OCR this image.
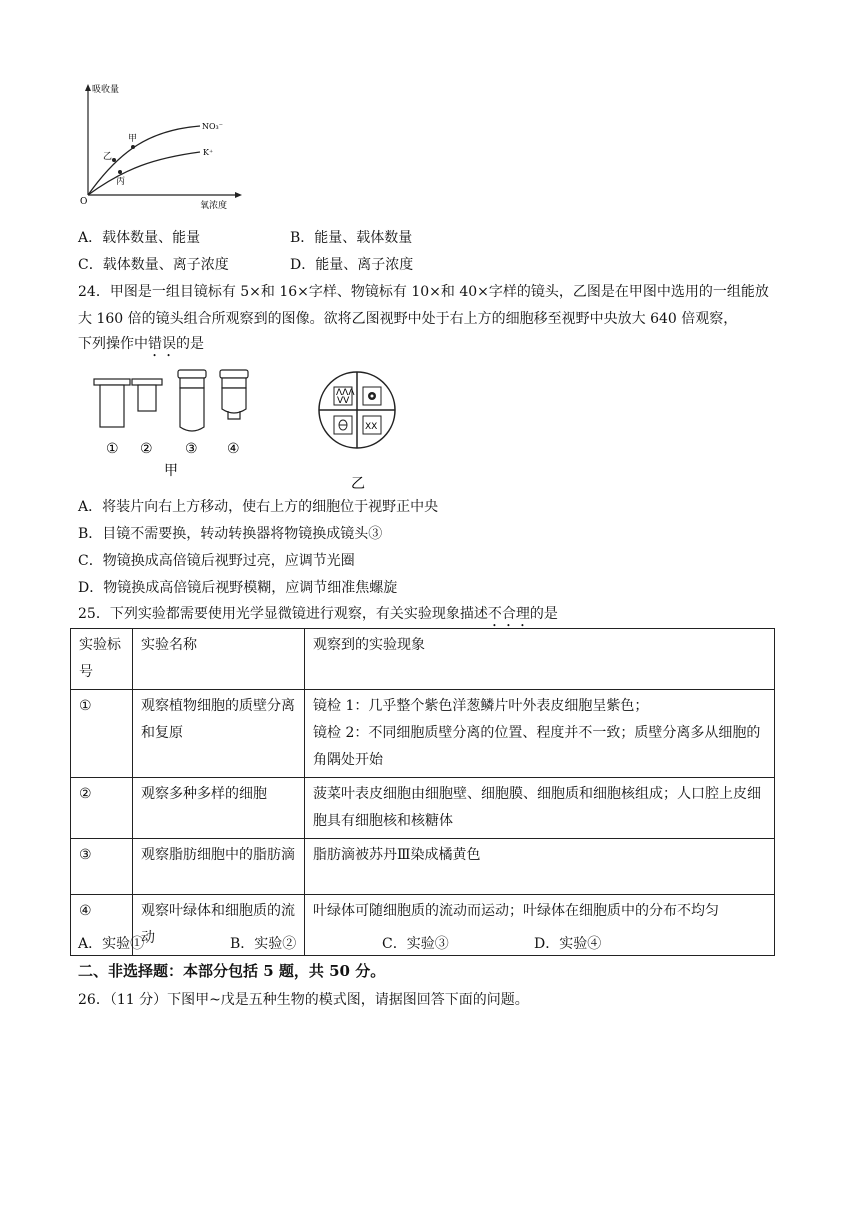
吸收量
氧浓度
O
NO₃⁻
K⁺
甲
乙
丙
A．载体数量、能量	B．能量、载体数量
C．载体数量、离子浓度	D．能量、离子浓度
24．甲图是一组目镜标有 5×和 16×字样、物镜标有 10×和 40×字样的镜头，乙图是在甲图中选用的一组能放
大 160 倍的镜头组合所观察到的图像。欲将乙图视野中处于右上方的细胞移至视野中央放大 640 倍观察，
下列操作中错误的是
① ② ③ ④
甲
ΛΛΛ
VV
XX
乙
A．将装片向右上方移动，使右上方的细胞位于视野正中央
B．目镜不需要换，转动转换器将物镜换成镜头③
C．物镜换成高倍镜后视野过亮，应调节光圈
D．物镜换成高倍镜后视野模糊，应调节细准焦螺旋
25．下列实验都需要使用光学显微镜进行观察，有关实验现象描述不合理的是
实验标号	实验名称	观察到的实验现象
①	观察植物细胞的质壁分离和复原	镜检 1：几乎整个紫色洋葱鳞片叶外表皮细胞呈紫色；
镜检 2：不同细胞质壁分离的位置、程度并不一致；质壁分离多从细胞的角隅处开始

②	观察多种多样的细胞	菠菜叶表皮细胞由细胞壁、细胞膜、细胞质和细胞核组成；人口腔上皮细胞具有细胞核和核糖体
③	观察脂肪细胞中的脂肪滴	脂肪滴被苏丹Ⅲ染成橘黄色
④	观察叶绿体和细胞质的流动	叶绿体可随细胞质的流动而运动；叶绿体在细胞质中的分布不均匀
A．实验①	B．实验②	C．实验③	D．实验④
二、非选择题：本部分包括 5 题，共 50 分。
26．（11 分）下图甲~戊是五种生物的模式图，请据图回答下面的问题。
